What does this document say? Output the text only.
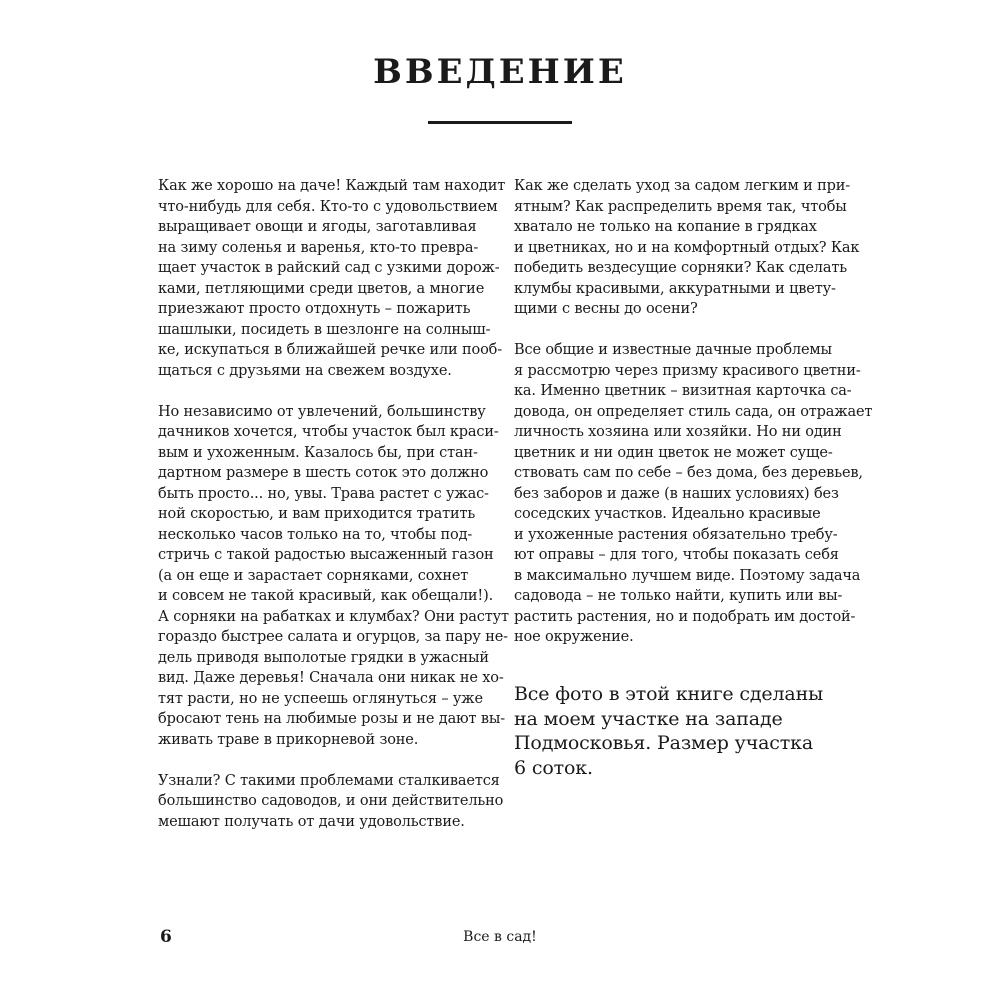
ВВЕДЕНИЕ
Как же хорошо на даче! Каждый там находит
что-нибудь для себя. Кто-то с удовольствием
выращивает овощи и ягоды, заготавливая
на зиму соленья и варенья, кто-то превра-
щает участок в райский сад с узкими дорож-
ками, петляющими среди цветов, а многие
приезжают просто отдохнуть – пожарить
шашлыки, посидеть в шезлонге на солныш-
ке, искупаться в ближайшей речке или пооб-
щаться с друзьями на свежем воздухе.
Но независимо от увлечений, большинству
дачников хочется, чтобы участок был краси-
вым и ухоженным. Казалось бы, при стан-
дартном размере в шесть соток это должно
быть просто... но, увы. Трава растет с ужас-
ной скоростью, и вам приходится тратить
несколько часов только на то, чтобы под-
стричь с такой радостью высаженный газон
(а он еще и зарастает сорняками, сохнет
и совсем не такой красивый, как обещали!).
А сорняки на рабатках и клумбах? Они растут
гораздо быстрее салата и огурцов, за пару не-
дель приводя выполотые грядки в ужасный
вид. Даже деревья! Сначала они никак не хо-
тят расти, но не успеешь оглянуться – уже
бросают тень на любимые розы и не дают вы-
живать траве в прикорневой зоне.
Узнали? С такими проблемами сталкивается
большинство садоводов, и они действительно
мешают получать от дачи удовольствие.
Как же сделать уход за садом легким и при-
ятным? Как распределить время так, чтобы
хватало не только на копание в грядках
и цветниках, но и на комфортный отдых? Как
победить вездесущие сорняки? Как сделать
клумбы красивыми, аккуратными и цвету-
щими с весны до осени?
Все общие и известные дачные проблемы
я рассмотрю через призму красивого цветни-
ка. Именно цветник – визитная карточка са-
довода, он определяет стиль сада, он отражает
личность хозяина или хозяйки. Но ни один
цветник и ни один цветок не может суще-
ствовать сам по себе – без дома, без деревьев,
без заборов и даже (в наших условиях) без
соседских участков. Идеально красивые
и ухоженные растения обязательно требу-
ют оправы – для того, чтобы показать себя
в максимально лучшем виде. Поэтому задача
садовода – не только найти, купить или вы-
растить растения, но и подобрать им достой-
ное окружение.
Все фото в этой книге сделаны
на моем участке на западе
Подмосковья. Размер участка
6 соток.
6	Все в сад!
